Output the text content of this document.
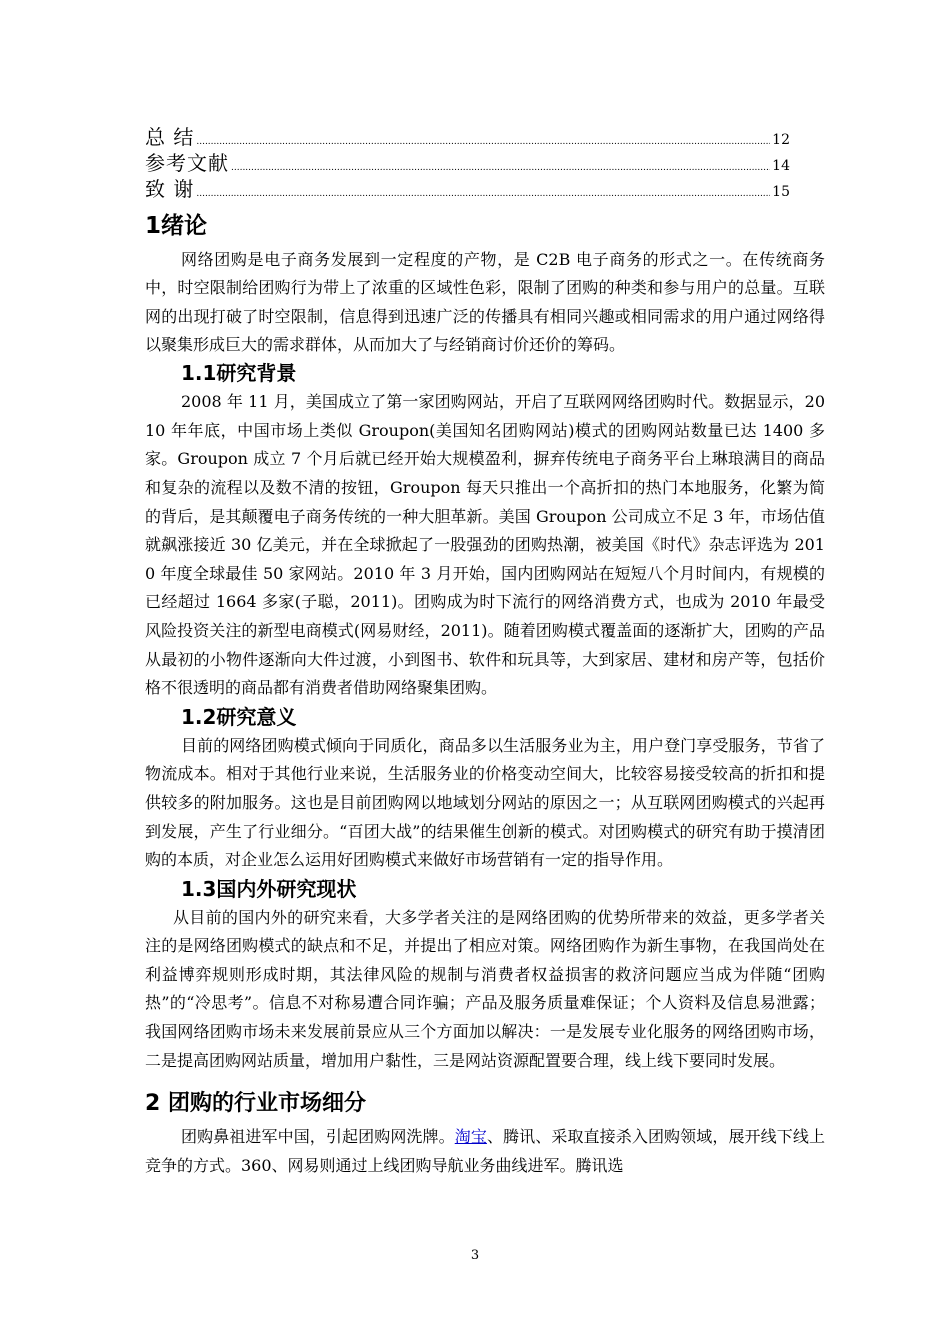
总 结 .....	12
参考文献 .....	14
致 谢 .....	15
1绪论

网络团购是电子商务发展到一定程度的产物，是 C2B 电子商务的形式之一。在传统商务中，时空限制给团购行为带上了浓重的区域性色彩，限制了团购的种类和参与用户的总量。互联网的出现打破了时空限制，信息得到迅速广泛的传播具有相同兴趣或相同需求的用户通过网络得以聚集形成巨大的需求群体，从而加大了与经销商讨价还价的筹码。

1.1研究背景

2008 年 11 月，美国成立了第一家团购网站，开启了互联网网络团购时代。数据显示，2010 年年底，中国市场上类似 Groupon(美国知名团购网站)模式的团购网站数量已达 1400 多家。Groupon 成立 7 个月后就已经开始大规模盈利，摒弃传统电子商务平台上琳琅满目的商品和复杂的流程以及数不清的按钮，Groupon 每天只推出一个高折扣的热门本地服务，化繁为简的背后，是其颠覆电子商务传统的一种大胆革新。美国 Groupon 公司成立不足 3 年，市场估值就飙涨接近 30 亿美元，并在全球掀起了一股强劲的团购热潮，被美国《时代》杂志评选为 2010 年度全球最佳 50 家网站。2010 年 3 月开始，国内团购网站在短短八个月时间内，有规模的已经超过 1664 多家(子聪，2011)。团购成为时下流行的网络消费方式，也成为 2010 年最受风险投资关注的新型电商模式(网易财经，2011)。随着团购模式覆盖面的逐渐扩大，团购的产品从最初的小物件逐渐向大件过渡，小到图书、软件和玩具等，大到家居、建材和房产等，包括价格不很透明的商品都有消费者借助网络聚集团购。

1.2研究意义

目前的网络团购模式倾向于同质化，商品多以生活服务业为主，用户登门享受服务，节省了物流成本。相对于其他行业来说，生活服务业的价格变动空间大，比较容易接受较高的折扣和提供较多的附加服务。这也是目前团购网以地域划分网站的原因之一；从互联网团购模式的兴起再到发展，产生了行业细分。“百团大战”的结果催生创新的模式。对团购模式的研究有助于摸清团购的本质，对企业怎么运用好团购模式来做好市场营销有一定的指导作用。

1.3国内外研究现状

从目前的国内外的研究来看，大多学者关注的是网络团购的优势所带来的效益，更多学者关注的是网络团购模式的缺点和不足，并提出了相应对策。网络团购作为新生事物，在我国尚处在利益博弈规则形成时期，其法律风险的规制与消费者权益损害的救济问题应当成为伴随“团购热”的“冷思考”。信息不对称易遭合同诈骗；产品及服务质量难保证；个人资料及信息易泄露；我国网络团购市场未来发展前景应从三个方面加以解决：一是发展专业化服务的网络团购市场，二是提高团购网站质量，增加用户黏性，三是网站资源配置要合理，线上线下要同时发展。

2 团购的行业市场细分

团购鼻祖进军中国，引起团购网洗牌。淘宝、腾讯、采取直接杀入团购领域，展开线下线上竞争的方式。360、网易则通过上线团购导航业务曲线进军。腾讯选

3
